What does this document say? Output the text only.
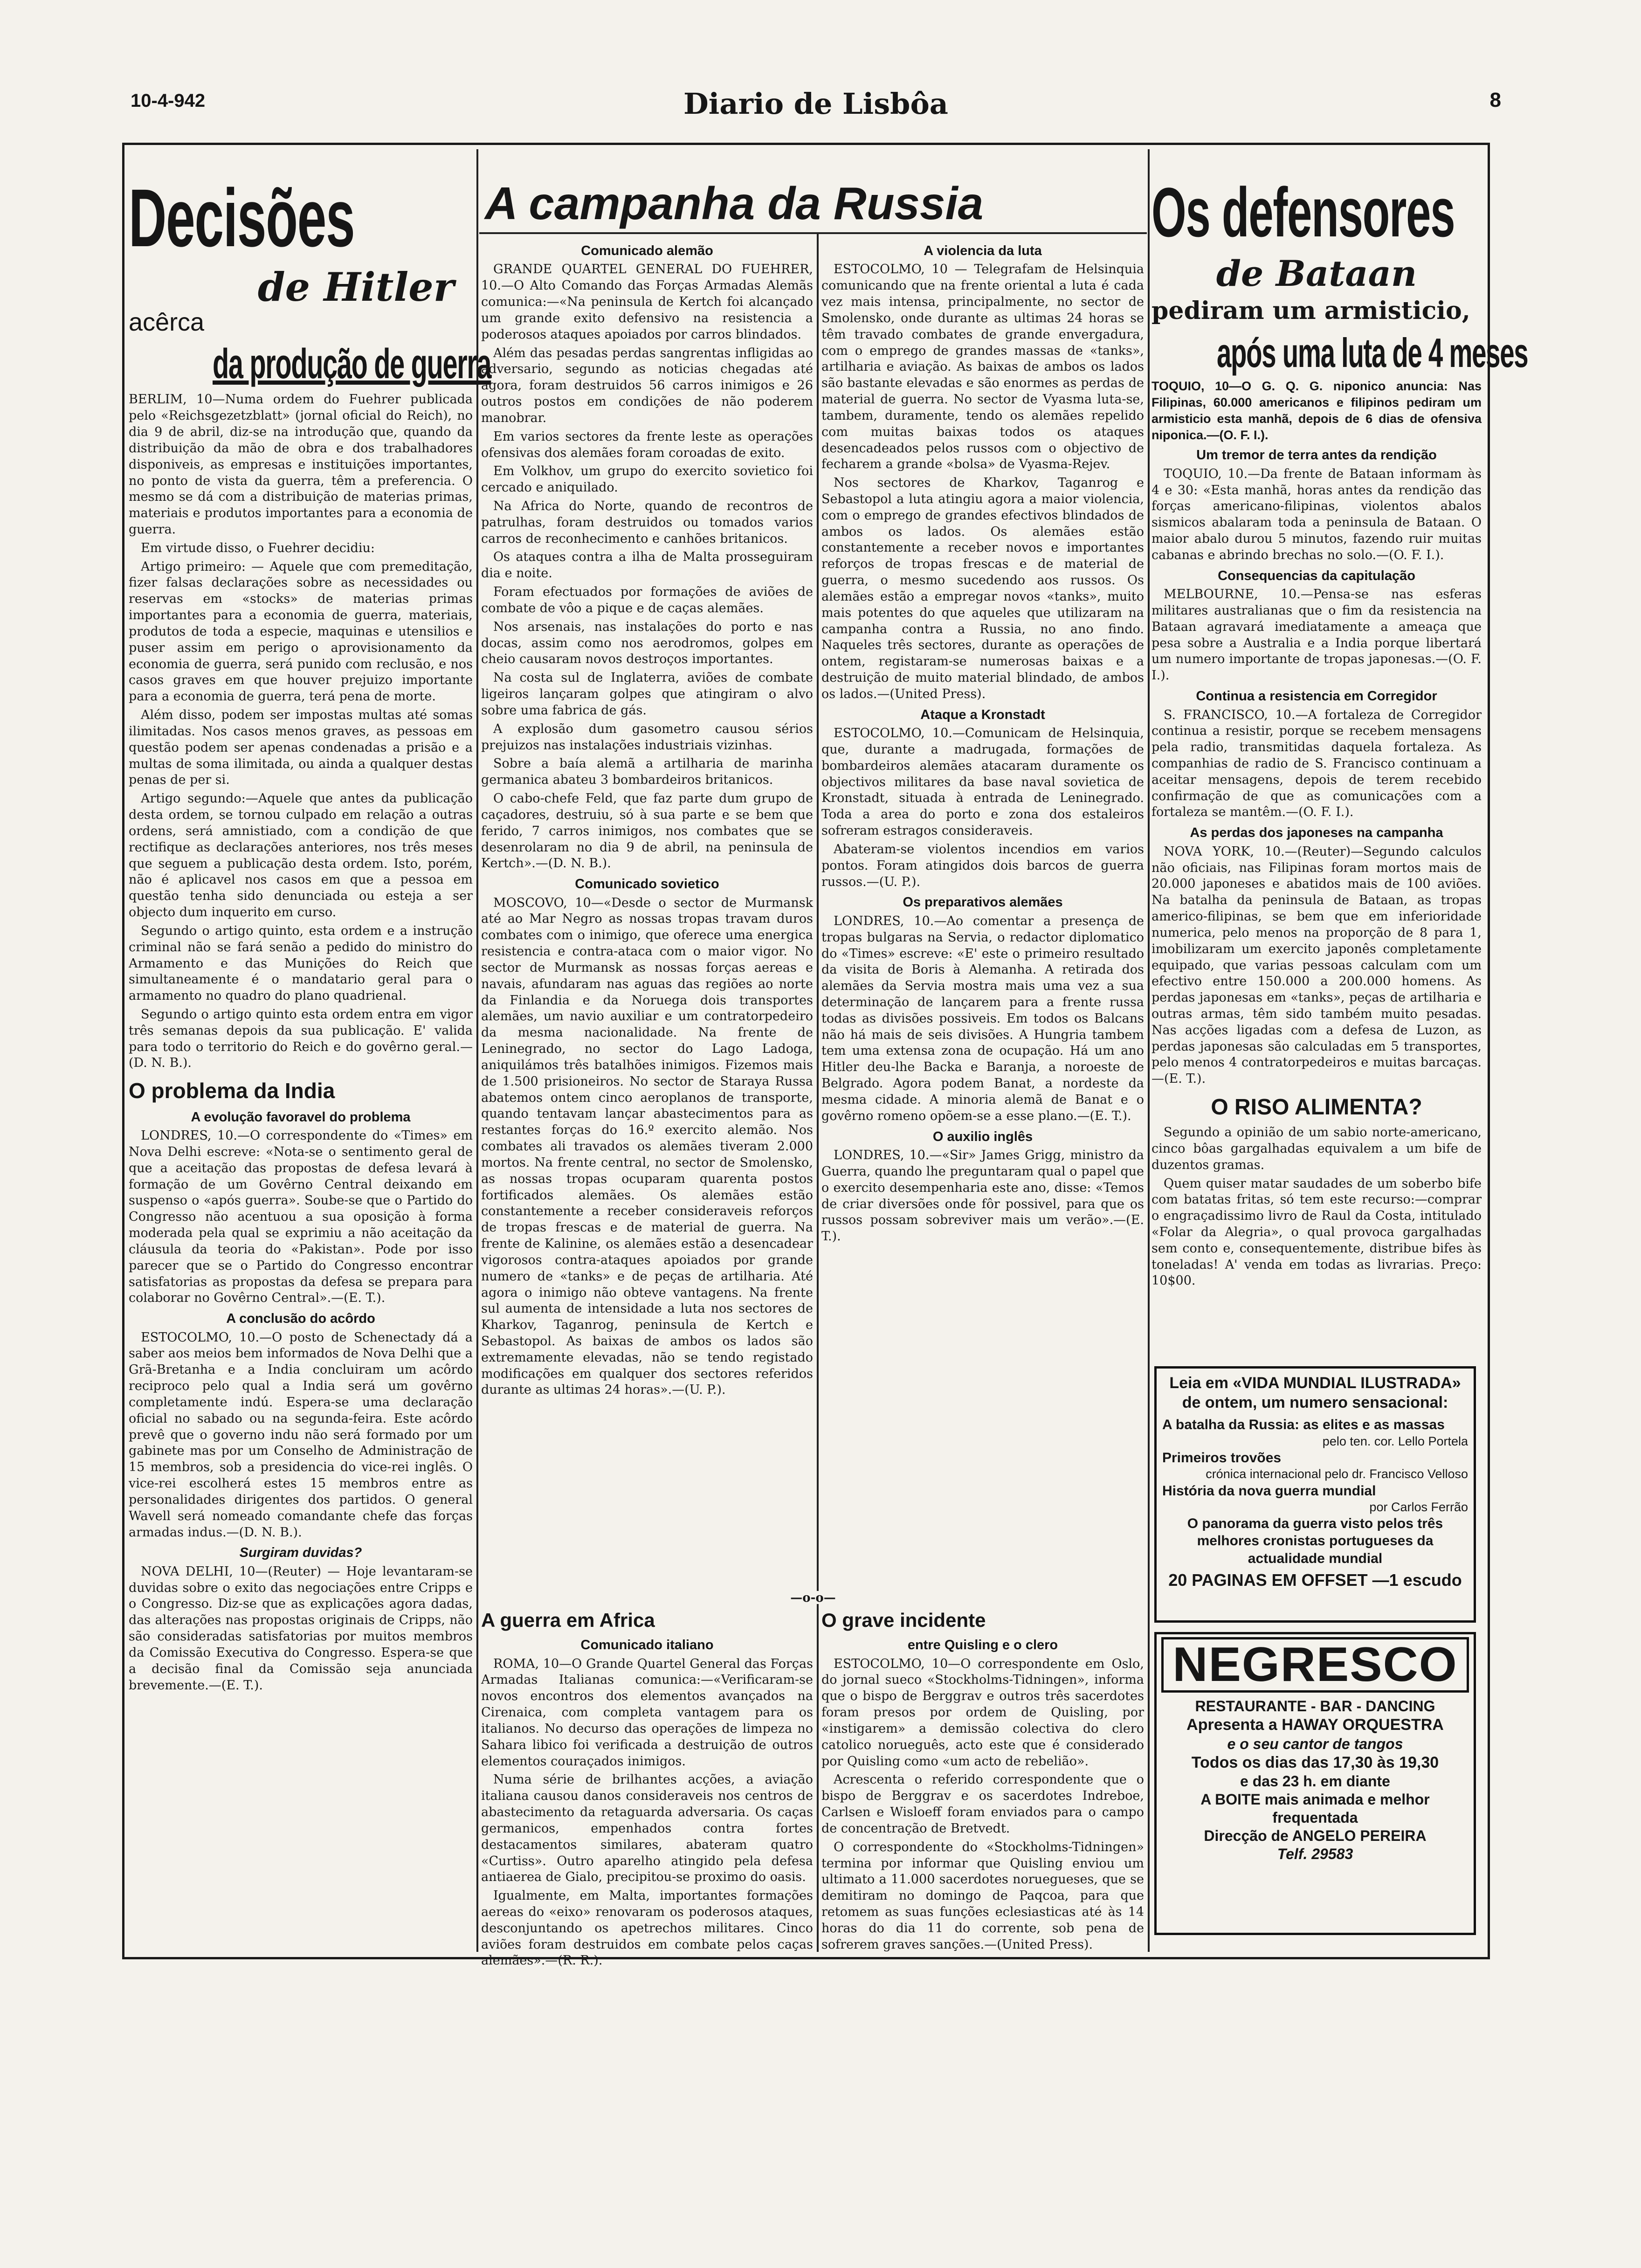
10-4-942	Diario de Lisbôa	8
Decisões
de Hitler
acêrca
da produção de guerra

BERLIM, 10—Numa ordem do Fuehrer publicada pelo «Reichsgezetzblatt» (jornal oficial do Reich), no dia 9 de abril, diz-se na introdução que, quando da distribuição da mão de obra e dos trabalhadores disponiveis, as empresas e instituições importantes, no ponto de vista da guerra, têm a preferencia. O mesmo se dá com a distribuição de materias primas, materiais e produtos importantes para a economia de guerra.

Em virtude disso, o Fuehrer decidiu:

Artigo primeiro: — Aquele que com premeditação, fizer falsas declarações sobre as necessidades ou reservas em «stocks» de materias primas importantes para a economia de guerra, materiais, produtos de toda a especie, maquinas e utensilios e puser assim em perigo o aprovisionamento da economia de guerra, será punido com reclusão, e nos casos graves em que houver prejuizo importante para a economia de guerra, terá pena de morte.

Além disso, podem ser impostas multas até somas ilimitadas. Nos casos menos graves, as pessoas em questão podem ser apenas condenadas a prisão e a multas de soma ilimitada, ou ainda a qualquer destas penas de per si.

Artigo segundo:—Aquele que antes da publicação desta ordem, se tornou culpado em relação a outras ordens, será amnistiado, com a condição de que rectifique as declarações anteriores, nos três meses que seguem a publicação desta ordem. Isto, porém, não é aplicavel nos casos em que a pessoa em questão tenha sido denunciada ou esteja a ser objecto dum inquerito em curso.

Segundo o artigo quinto, esta ordem e a instrução criminal não se fará senão a pedido do ministro do Armamento e das Munições do Reich que simultaneamente é o mandatario geral para o armamento no quadro do plano quadrienal.

Segundo o artigo quinto esta ordem entra em vigor três semanas depois da sua publicação. E' valida para todo o territorio do Reich e do govêrno geral.—(D. N. B.).

O problema da India
A evolução favoravel do problema

LONDRES, 10.—O correspondente do «Times» em Nova Delhi escreve: «Nota-se o sentimento geral de que a aceitação das propostas de defesa levará à formação de um Govêrno Central deixando em suspenso o «após guerra». Soube-se que o Partido do Congresso não acentuou a sua oposição à forma moderada pela qual se exprimiu a não aceitação da cláusula da teoria do «Pakistan». Pode por isso parecer que se o Partido do Congresso encontrar satisfatorias as propostas da defesa se prepara para colaborar no Govêrno Central».—(E. T.).

A conclusão do acôrdo

ESTOCOLMO, 10.—O posto de Schenectady dá a saber aos meios bem informados de Nova Delhi que a Grã-Bretanha e a India concluiram um acôrdo reciproco pelo qual a India será um govêrno completamente indú. Espera-se uma declaração oficial no sabado ou na segunda-feira. Este acôrdo prevê que o governo indu não será formado por um gabinete mas por um Conselho de Administração de 15 membros, sob a presidencia do vice-rei inglês. O vice-rei escolherá estes 15 membros entre as personalidades dirigentes dos partidos. O general Wavell será nomeado comandante chefe das forças armadas indus.—(D. N. B.).

Surgiram duvidas?

NOVA DELHI, 10—(Reuter) — Hoje levantaram-se duvidas sobre o exito das negociações entre Cripps e o Congresso. Diz-se que as explicações agora dadas, das alterações nas propostas originais de Cripps, não são consideradas satisfatorias por muitos membros da Comissão Executiva do Congresso. Espera-se que a decisão final da Comissão seja anunciada brevemente.—(E. T.).

A campanha da Russia
Comunicado alemão

GRANDE QUARTEL GENERAL DO FUEHRER, 10.—O Alto Comando das Forças Armadas Alemãs comunica:—«Na peninsula de Kertch foi alcançado um grande exito defensivo na resistencia a poderosos ataques apoiados por carros blindados.

Além das pesadas perdas sangrentas infligidas ao adversario, segundo as noticias chegadas até agora, foram destruidos 56 carros inimigos e 26 outros postos em condições de não poderem manobrar.

Em varios sectores da frente leste as operações ofensivas dos alemães foram coroadas de exito.

Em Volkhov, um grupo do exercito sovietico foi cercado e aniquilado.

Na Africa do Norte, quando de recontros de patrulhas, foram destruidos ou tomados varios carros de reconhecimento e canhões britanicos.

Os ataques contra a ilha de Malta prosseguiram dia e noite.

Foram efectuados por formações de aviões de combate de vôo a pique e de caças alemães.

Nos arsenais, nas instalações do porto e nas docas, assim como nos aerodromos, golpes em cheio causaram novos destroços importantes.

Na costa sul de Inglaterra, aviões de combate ligeiros lançaram golpes que atingiram o alvo sobre uma fabrica de gás.

A explosão dum gasometro causou sérios prejuizos nas instalações industriais vizinhas.

Sobre a baía alemã a artilharia de marinha germanica abateu 3 bombardeiros britanicos.

O cabo-chefe Feld, que faz parte dum grupo de caçadores, destruiu, só à sua parte e se bem que ferido, 7 carros inimigos, nos combates que se desenrolaram no dia 9 de abril, na peninsula de Kertch».—(D. N. B.).

Comunicado sovietico

MOSCOVO, 10—«Desde o sector de Murmansk até ao Mar Negro as nossas tropas travam duros combates com o inimigo, que oferece uma energica resistencia e contra-ataca com o maior vigor. No sector de Murmansk as nossas forças aereas e navais, afundaram nas aguas das regiões ao norte da Finlandia e da Noruega dois transportes alemães, um navio auxiliar e um contratorpedeiro da mesma nacionalidade. Na frente de Leninegrado, no sector do Lago Ladoga, aniquilámos três batalhões inimigos. Fizemos mais de 1.500 prisioneiros. No sector de Staraya Russa abatemos ontem cinco aeroplanos de transporte, quando tentavam lançar abastecimentos para as restantes forças do 16.º exercito alemão. Nos combates ali travados os alemães tiveram 2.000 mortos. Na frente central, no sector de Smolensko, as nossas tropas ocuparam quarenta postos fortificados alemães. Os alemães estão constantemente a receber consideraveis reforços de tropas frescas e de material de guerra. Na frente de Kalinine, os alemães estão a desencadear vigorosos contra-ataques apoiados por grande numero de «tanks» e de peças de artilharia. Até agora o inimigo não obteve vantagens. Na frente sul aumenta de intensidade a luta nos sectores de Kharkov, Taganrog, peninsula de Kertch e Sebastopol. As baixas de ambos os lados são extremamente elevadas, não se tendo registado modificações em qualquer dos sectores referidos durante as ultimas 24 horas».—(U. P.).

A violencia da luta

ESTOCOLMO, 10 — Telegrafam de Helsinquia comunicando que na frente oriental a luta é cada vez mais intensa, principalmente, no sector de Smolensko, onde durante as ultimas 24 horas se têm travado combates de grande envergadura, com o emprego de grandes massas de «tanks», artilharia e aviação. As baixas de ambos os lados são bastante elevadas e são enormes as perdas de material de guerra. No sector de Vyasma luta-se, tambem, duramente, tendo os alemães repelido com muitas baixas todos os ataques desencadeados pelos russos com o objectivo de fecharem a grande «bolsa» de Vyasma-Rejev.

Nos sectores de Kharkov, Taganrog e Sebastopol a luta atingiu agora a maior violencia, com o emprego de grandes efectivos blindados de ambos os lados. Os alemães estão constantemente a receber novos e importantes reforços de tropas frescas e de material de guerra, o mesmo sucedendo aos russos. Os alemães estão a empregar novos «tanks», muito mais potentes do que aqueles que utilizaram na campanha contra a Russia, no ano findo. Naqueles três sectores, durante as operações de ontem, registaram-se numerosas baixas e a destruição de muito material blindado, de ambos os lados.—(United Press).

Ataque a Kronstadt

ESTOCOLMO, 10.—Comunicam de Helsinquia, que, durante a madrugada, formações de bombardeiros alemães atacaram duramente os objectivos militares da base naval sovietica de Kronstadt, situada à entrada de Leninegrado. Toda a area do porto e zona dos estaleiros sofreram estragos consideraveis.

Abateram-se violentos incendios em varios pontos. Foram atingidos dois barcos de guerra russos.—(U. P.).

Os preparativos alemães

LONDRES, 10.—Ao comentar a presença de tropas bulgaras na Servia, o redactor diplomatico do «Times» escreve: «E' este o primeiro resultado da visita de Boris à Alemanha. A retirada dos alemães da Servia mostra mais uma vez a sua determinação de lançarem para a frente russa todas as divisões possiveis. Em todos os Balcans não há mais de seis divisões. A Hungria tambem tem uma extensa zona de ocupação. Há um ano Hitler deu-lhe Backa e Baranja, a noroeste de Belgrado. Agora podem Banat, a nordeste da mesma cidade. A minoria alemã de Banat e o govêrno romeno opõem-se a esse plano.—(E. T.).

O auxilio inglês

LONDRES, 10.—«Sir» James Grigg, ministro da Guerra, quando lhe preguntaram qual o papel que o exercito desempenharia este ano, disse: «Temos de criar diversões onde fôr possivel, para que os russos possam sobreviver mais um verão».—(E. T.).

—o-o—
A guerra em Africa
Comunicado italiano

ROMA, 10—O Grande Quartel General das Forças Armadas Italianas comunica:—«Verificaram-se novos encontros dos elementos avançados na Cirenaica, com completa vantagem para os italianos. No decurso das operações de limpeza no Sahara libico foi verificada a destruição de outros elementos couraçados inimigos.

Numa série de brilhantes acções, a aviação italiana causou danos consideraveis nos centros de abastecimento da retaguarda adversaria. Os caças germanicos, empenhados contra fortes destacamentos similares, abateram quatro «Curtiss». Outro aparelho atingido pela defesa antiaerea de Gialo, precipitou-se proximo do oasis.

Igualmente, em Malta, importantes formações aereas do «eixo» renovaram os poderosos ataques, desconjuntando os apetrechos militares. Cinco aviões foram destruidos em combate pelos caças alemães».—(R. R.).

O grave incidente
entre Quisling e o clero

ESTOCOLMO, 10—O correspondente em Oslo, do jornal sueco «Stockholms-Tidningen», informa que o bispo de Berggrav e outros três sacerdotes foram presos por ordem de Quisling, por «instigarem» a demissão colectiva do clero catolico norueguês, acto este que é considerado por Quisling como «um acto de rebelião».

Acrescenta o referido correspondente que o bispo de Berggrav e os sacerdotes Indreboe, Carlsen e Wisloeff foram enviados para o campo de concentração de Bretvedt.

O correspondente do «Stockholms-Tidningen» termina por informar que Quisling enviou um ultimato a 11.000 sacerdotes noruegueses, que se demitiram no domingo de Paqcoa, para que retomem as suas funções eclesiasticas até às 14 horas do dia 11 do corrente, sob pena de sofrerem graves sanções.—(United Press).

Os defensores
de Bataan
pediram um armisticio,
após uma luta de 4 meses

TOQUIO, 10—O G. Q. G. niponico anuncia: Nas Filipinas, 60.000 americanos e filipinos pediram um armisticio esta manhã, depois de 6 dias de ofensiva niponica.—(O. F. I.).

Um tremor de terra antes da rendição

TOQUIO, 10.—Da frente de Bataan informam às 4 e 30: «Esta manhã, horas antes da rendição das forças americano-filipinas, violentos abalos sismicos abalaram toda a peninsula de Bataan. O maior abalo durou 5 minutos, fazendo ruir muitas cabanas e abrindo brechas no solo.—(O. F. I.).

Consequencias da capitulação

MELBOURNE, 10.—Pensa-se nas esferas militares australianas que o fim da resistencia na Bataan agravará imediatamente a ameaça que pesa sobre a Australia e a India porque libertará um numero importante de tropas japonesas.—(O. F. I.).

Continua a resistencia em Corregidor

S. FRANCISCO, 10.—A fortaleza de Corregidor continua a resistir, porque se recebem mensagens pela radio, transmitidas daquela fortaleza. As companhias de radio de S. Francisco continuam a aceitar mensagens, depois de terem recebido confirmação de que as comunicações com a fortaleza se mantêm.—(O. F. I.).

As perdas dos japoneses na campanha

NOVA YORK, 10.—(Reuter)—Segundo calculos não oficiais, nas Filipinas foram mortos mais de 20.000 japoneses e abatidos mais de 100 aviões. Na batalha da peninsula de Bataan, as tropas americo-filipinas, se bem que em inferioridade numerica, pelo menos na proporção de 8 para 1, imobilizaram um exercito japonês completamente equipado, que varias pessoas calculam com um efectivo entre 150.000 a 200.000 homens. As perdas japonesas em «tanks», peças de artilharia e outras armas, têm sido também muito pesadas. Nas acções ligadas com a defesa de Luzon, as perdas japonesas são calculadas em 5 transportes, pelo menos 4 contratorpedeiros e muitas barcaças.—(E. T.).

O RISO ALIMENTA?

Segundo a opinião de um sabio norte-americano, cinco bôas gargalhadas equivalem a um bife de duzentos gramas.

Quem quiser matar saudades de um soberbo bife com batatas fritas, só tem este recurso:—comprar o engraçadissimo livro de Raul da Costa, intitulado «Folar da Alegria», o qual provoca gargalhadas sem conto e, consequentemente, distribue bifes às toneladas! A' venda em todas as livrarias. Preço: 10$00.

Leia em «VIDA MUNDIAL ILUSTRADA» de ontem, um numero sensacional:
A batalha da Russia: as elites e as massas
pelo ten. cor. Lello Portela
Primeiros trovões
crónica internacional pelo dr. Francisco Velloso
História da nova guerra mundial
por Carlos Ferrão
O panorama da guerra visto pelos três melhores cronistas portugueses da actualidade mundial
20 PAGINAS EM OFFSET —1 escudo
NEGRESCO
RESTAURANTE - BAR - DANCING
Apresenta a HAWAY ORQUESTRA
e o seu cantor de tangos
Todos os dias das 17,30 às 19,30
e das 23 h. em diante
A BOITE mais animada e melhor frequentada
Direcção de ANGELO PEREIRA
Telf. 29583
